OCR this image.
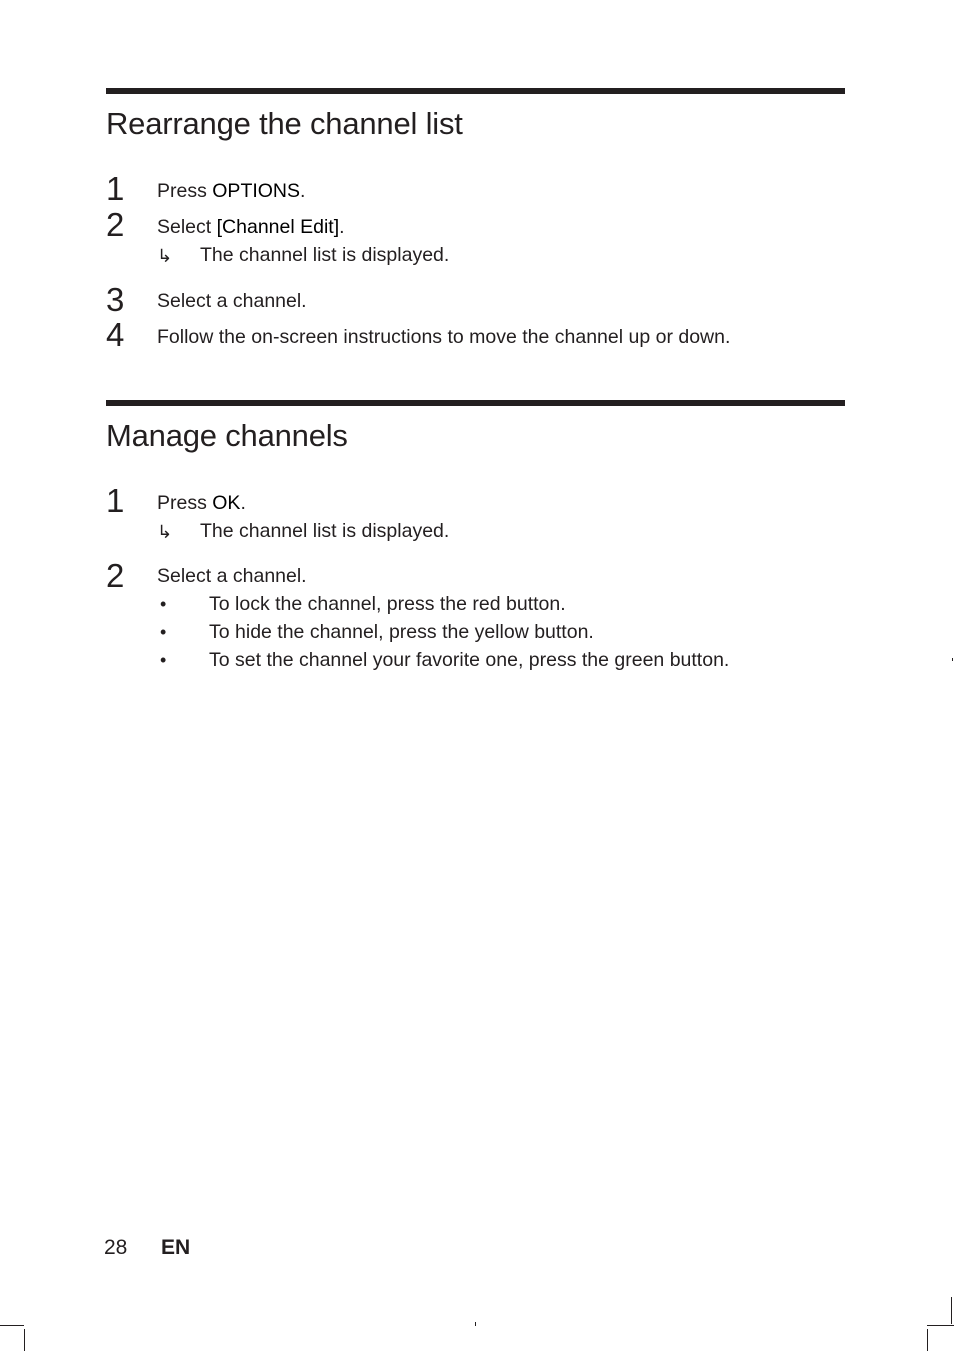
Rearrange the channel list
1 Press OPTIONS.
2 Select [Channel Edit].
↳ The channel list is displayed.
3 Select a channel.
4 Follow the on-screen instructions to move the channel up or down.
Manage channels
1 Press OK.
↳ The channel list is displayed.
2 Select a channel.
• To lock the channel, press the red button.
• To hide the channel, press the yellow button.
• To set the channel your favorite one, press the green button.
28 EN
